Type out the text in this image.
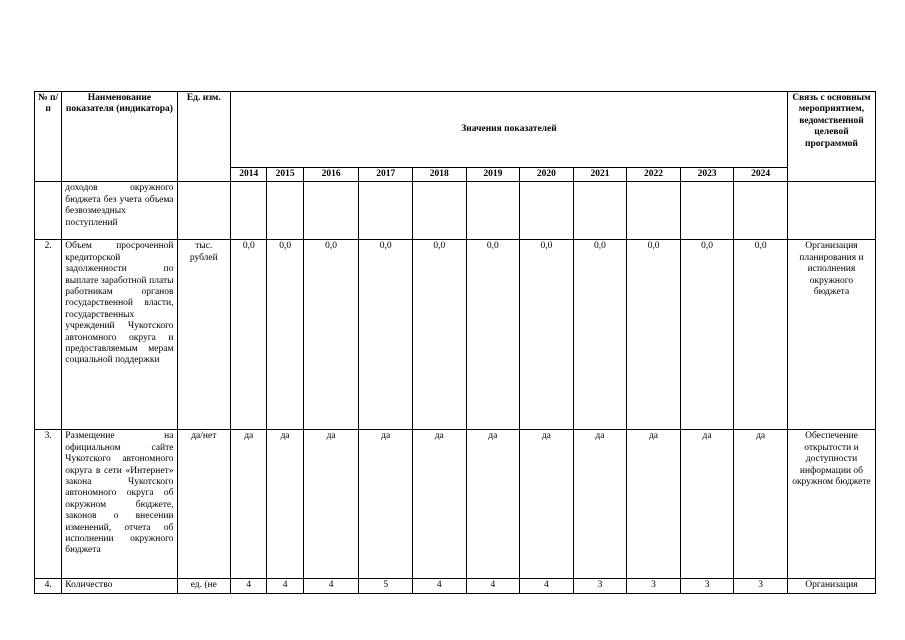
№ п/п	Наименование показателя (индикатора)	Ед. изм.	Значения показателей											Связь с основным мероприятием, ведомственной целевой программой
			2014	2015	2016	2017	2018	2019	2020	2021	2022	2023	2024	
	доходов окружного бюджета без учета объема безвозмездных поступлений													
2.	Объем просроченной кредиторской задолженности по выплате заработной платы работникам органов государственной власти, государственных учреждений Чукотского автономного округа и предоставляемым мерам социальной поддержки	тыс. рублей	0,0	0,0	0,0	0,0	0,0	0,0	0,0	0,0	0,0	0,0	0,0	Организация планирования и исполнения окружного бюджета
3.	Размещение на официальном сайте Чукотского автономного округа в сети «Интернет» закона Чукотского автономного округа об окружном бюджете, законов о внесении изменений, отчета об исполнении окружного бюджета	да/нет	да	да	да	да	да	да	да	да	да	да	да	Обеспечение открытости и доступности информации об окружном бюджете
4.	Количество	ед. (не	4	4	4	5	4	4	4	3	3	3	3	Организация
